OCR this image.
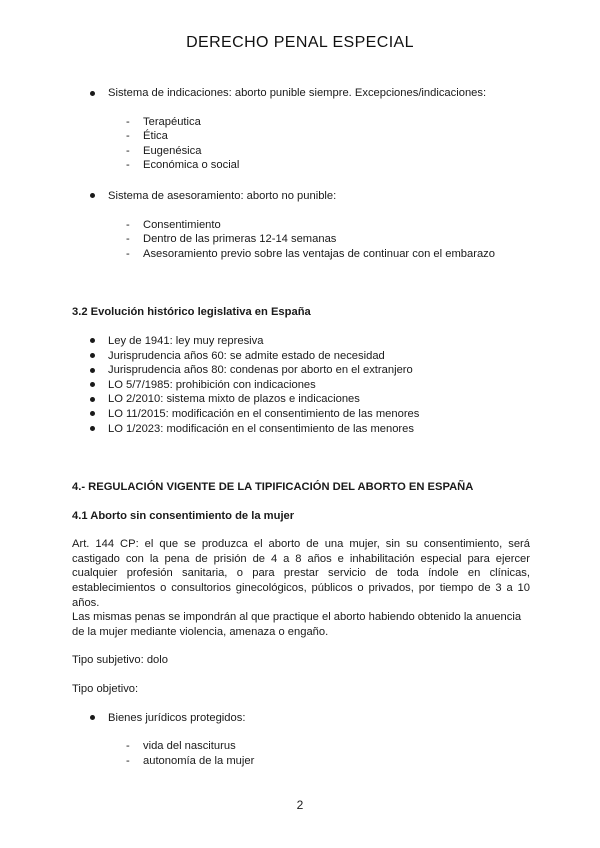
DERECHO PENAL ESPECIAL
Sistema de indicaciones: aborto punible siempre. Excepciones/indicaciones:
- Terapéutica
- Ética
- Eugenésica
- Económica o social
Sistema de asesoramiento: aborto no punible:
- Consentimiento
- Dentro de las primeras 12-14 semanas
- Asesoramiento previo sobre las ventajas de continuar con el embarazo
3.2 Evolución histórico legislativa en España
Ley de 1941: ley muy represiva
Jurisprudencia años 60: se admite estado de necesidad
Jurisprudencia años 80: condenas por aborto en el extranjero
LO 5/7/1985: prohibición con indicaciones
LO 2/2010: sistema mixto de plazos e indicaciones
LO 11/2015: modificación en el consentimiento de las menores
LO 1/2023: modificación en el consentimiento de las menores
4.- REGULACIÓN VIGENTE DE LA TIPIFICACIÓN DEL ABORTO EN ESPAÑA
4.1 Aborto sin consentimiento de la mujer
Art. 144 CP: el que se produzca el aborto de una mujer, sin su consentimiento, será castigado con la pena de prisión de 4 a 8 años e inhabilitación especial para ejercer cualquier profesión sanitaria, o para prestar servicio de toda índole en clínicas, establecimientos o consultorios ginecológicos, públicos o privados, por tiempo de 3 a 10 años.
Las mismas penas se impondrán al que practique el aborto habiendo obtenido la anuencia de la mujer mediante violencia, amenaza o engaño.
Tipo subjetivo: dolo
Tipo objetivo:
Bienes jurídicos protegidos:
- vida del nasciturus
- autonomía de la mujer
2
